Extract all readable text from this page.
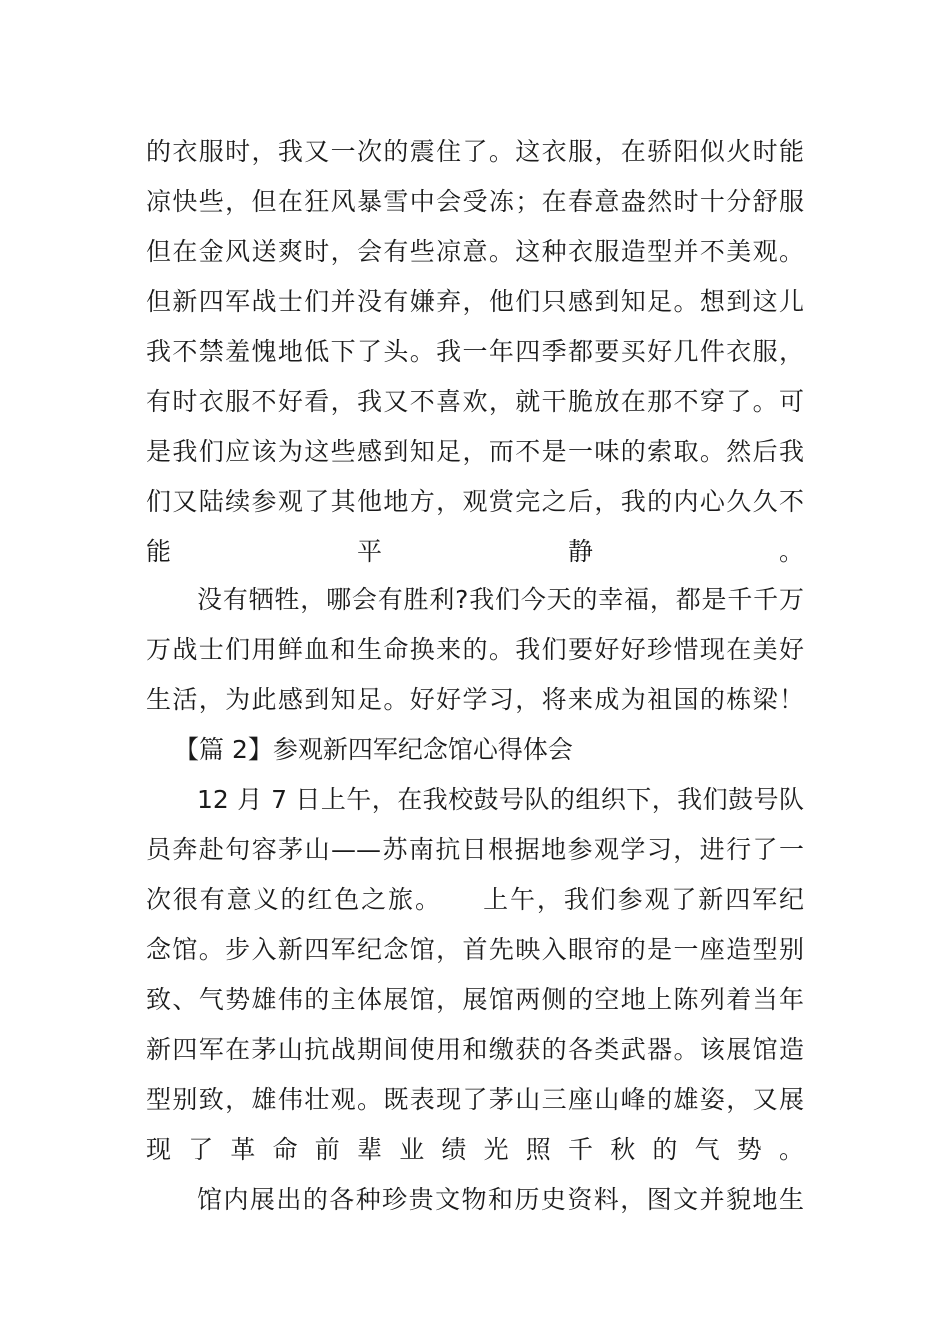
的衣服时，我又一次的震住了。这衣服，在骄阳似火时能
凉快些，但在狂风暴雪中会受冻；在春意盎然时十分舒服
但在金风送爽时，会有些凉意。这种衣服造型并不美观。
但新四军战士们并没有嫌弃，他们只感到知足。想到这儿
我不禁羞愧地低下了头。我一年四季都要买好几件衣服，
有时衣服不好看，我又不喜欢，就干脆放在那不穿了。可
是我们应该为这些感到知足，而不是一味的索取。然后我
们又陆续参观了其他地方，观赏完之后，我的内心久久不
能平静。
没有牺牲，哪会有胜利?我们今天的幸福，都是千千万
万战士们用鲜血和生命换来的。我们要好好珍惜现在美好
生活，为此感到知足。好好学习，将来成为祖国的栋梁！
【篇 2】参观新四军纪念馆心得体会
12 月 7 日上午，在我校鼓号队的组织下，我们鼓号队
员奔赴句容茅山——苏南抗日根据地参观学习，进行了一
次很有意义的红色之旅。　　上午，我们参观了新四军纪
念馆。步入新四军纪念馆，首先映入眼帘的是一座造型别
致、气势雄伟的主体展馆，展馆两侧的空地上陈列着当年
新四军在茅山抗战期间使用和缴获的各类武器。该展馆造
型别致，雄伟壮观。既表现了茅山三座山峰的雄姿，又展
现了革命前辈业绩光照千秋的气势。
馆内展出的各种珍贵文物和历史资料，图文并貌地生
